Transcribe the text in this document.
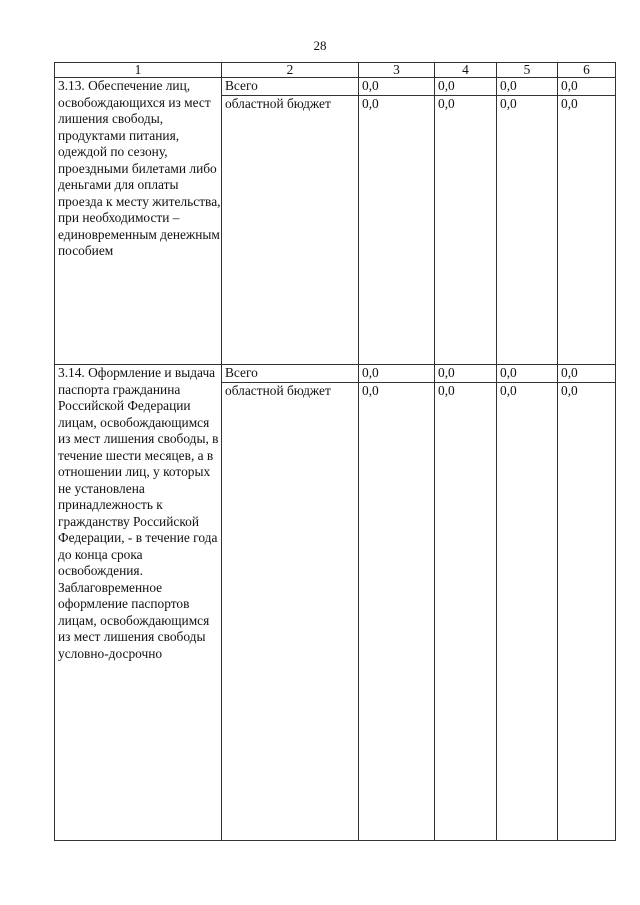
28
1	2	3	4	5	6
3.13. Обеспечение лиц, освобождающихся из мест лишения свободы, продуктами питания, одеждой по сезону, проездными билетами либо деньгами для оплаты проезда к месту жительства, при необходимости – единовременным денежным пособием	Всего	0,0	0,0	0,0	0,0
	областной бюджет	0,0	0,0	0,0	0,0

3.14. Оформление и выдача паспорта гражданина Российской Федерации лицам, освобождающимся из мест лишения свободы, в течение шести месяцев, а в отношении лиц, у которых не установлена принадлежность к гражданству Российской Федерации, - в течение года до конца срока освобождения. Заблаговременное оформление паспортов лицам, освобождающимся из мест лишения свободы условно-досрочно	Всего	0,0	0,0	0,0	0,0
	областной бюджет	0,0	0,0	0,0	0,0
